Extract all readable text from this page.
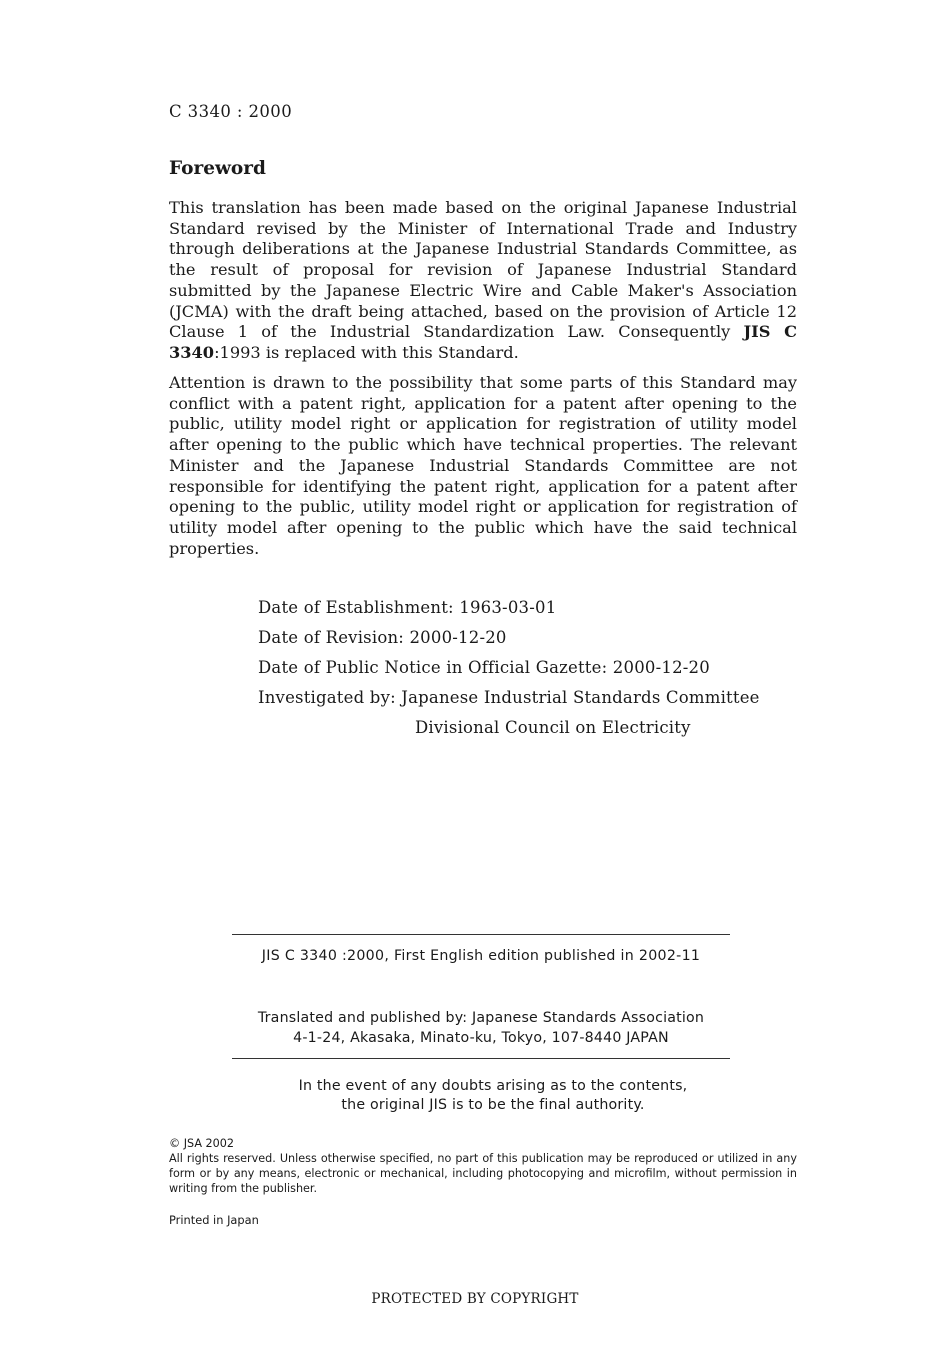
C 3340 : 2000
Foreword

This translation has been made based on the original Japanese Industrial Standard revised by the Minister of International Trade and Industry through deliberations at the Japanese Industrial Standards Committee, as the result of proposal for revision of Japanese Industrial Standard submitted by the Japanese Electric Wire and Cable Maker's Association (JCMA) with the draft being attached, based on the provision of Article 12 Clause 1 of the Industrial Standardization Law. Consequently JIS C 3340:1993 is replaced with this Standard.

Attention is drawn to the possibility that some parts of this Standard may conflict with a patent right, application for a patent after opening to the public, utility model right or application for registration of utility model after opening to the public which have technical properties. The relevant Minister and the Japanese Industrial Standards Committee are not responsible for identifying the patent right, application for a patent after opening to the public, utility model right or application for registration of utility model after opening to the public which have the said technical properties.

Date of Establishment: 1963-03-01
Date of Revision: 2000-12-20
Date of Public Notice in Official Gazette: 2000-12-20
Investigated by: Japanese Industrial Standards Committee
Divisional Council on Electricity
JIS C 3340 :2000, First English edition published in 2002-11
Translated and published by: Japanese Standards Association
4-1-24, Akasaka, Minato-ku, Tokyo, 107-8440 JAPAN
In the event of any doubts arising as to the contents,
the original JIS is to be the final authority.
© JSA 2002
All rights reserved. Unless otherwise specified, no part of this publication may be reproduced or utilized in any form or by any means, electronic or mechanical, including photocopying and microfilm, without permission in writing from the publisher.
Printed in Japan
PROTECTED BY COPYRIGHT
